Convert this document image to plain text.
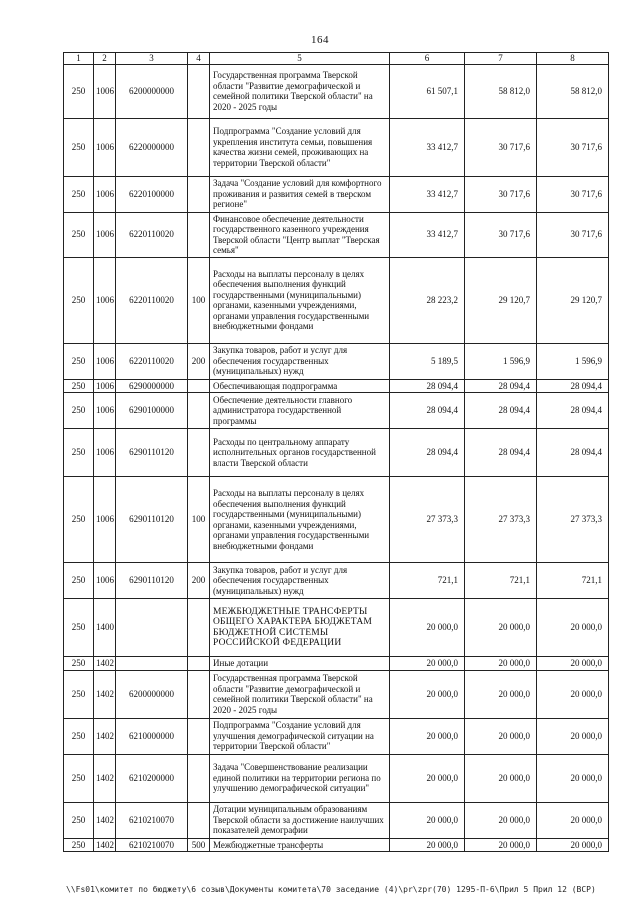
164
1	2	3	4	5	6	7	8
250	1006	6200000000		Государственная программа Тверской области "Развитие демографической и семейной политики Тверской области" на 2020 - 2025 годы	61 507,1	58 812,0	58 812,0
250	1006	6220000000		Подпрограмма "Создание условий для укрепления института семьи, повышения качества жизни семей, проживающих на территории Тверской области"	33 412,7	30 717,6	30 717,6
250	1006	6220100000		Задача "Создание условий для комфортного проживания и развития семей в тверском регионе"	33 412,7	30 717,6	30 717,6
250	1006	6220110020		Финансовое обеспечение деятельности государственного казенного учреждения Тверской области "Центр выплат "Тверская семья"	33 412,7	30 717,6	30 717,6
250	1006	6220110020	100	Расходы на выплаты персоналу в целях обеспечения выполнения функций государственными (муниципальными) органами, казенными учреждениями, органами управления государственными внебюджетными фондами	28 223,2	29 120,7	29 120,7
250	1006	6220110020	200	Закупка товаров, работ и услуг для обеспечения государственных (муниципальных) нужд	5 189,5	1 596,9	1 596,9
250	1006	6290000000		Обеспечивающая подпрограмма	28 094,4	28 094,4	28 094,4
250	1006	6290100000		Обеспечение деятельности главного администратора государственной программы	28 094,4	28 094,4	28 094,4
250	1006	6290110120		Расходы по центральному аппарату исполнительных органов государственной власти Тверской области	28 094,4	28 094,4	28 094,4
250	1006	6290110120	100	Расходы на выплаты персоналу в целях обеспечения выполнения функций государственными (муниципальными) органами, казенными учреждениями, органами управления государственными внебюджетными фондами	27 373,3	27 373,3	27 373,3
250	1006	6290110120	200	Закупка товаров, работ и услуг для обеспечения государственных (муниципальных) нужд	721,1	721,1	721,1
250	1400			МЕЖБЮДЖЕТНЫЕ ТРАНСФЕРТЫ ОБЩЕГО ХАРАКТЕРА БЮДЖЕТАМ БЮДЖЕТНОЙ СИСТЕМЫ РОССИЙСКОЙ ФЕДЕРАЦИИ	20 000,0	20 000,0	20 000,0
250	1402			Иные дотации	20 000,0	20 000,0	20 000,0
250	1402	6200000000		Государственная программа Тверской области "Развитие демографической и семейной политики Тверской области" на 2020 - 2025 годы	20 000,0	20 000,0	20 000,0
250	1402	6210000000		Подпрограмма "Создание условий для улучшения демографической ситуации на территории Тверской области"	20 000,0	20 000,0	20 000,0
250	1402	6210200000		Задача "Совершенствование реализации единой политики на территории региона по улучшению демографической ситуации"	20 000,0	20 000,0	20 000,0
250	1402	6210210070		Дотации муниципальным образованиям Тверской области за достижение наилучших показателей демографии	20 000,0	20 000,0	20 000,0
250	1402	6210210070	500	Межбюджетные трансферты	20 000,0	20 000,0	20 000,0
\\Fs01\комитет по бюджету\6 созыв\Документы комитета\70 заседание (4)\pr\zpr(70) 1295-П-6\Прил 5 Прил 12 (ВСР)
